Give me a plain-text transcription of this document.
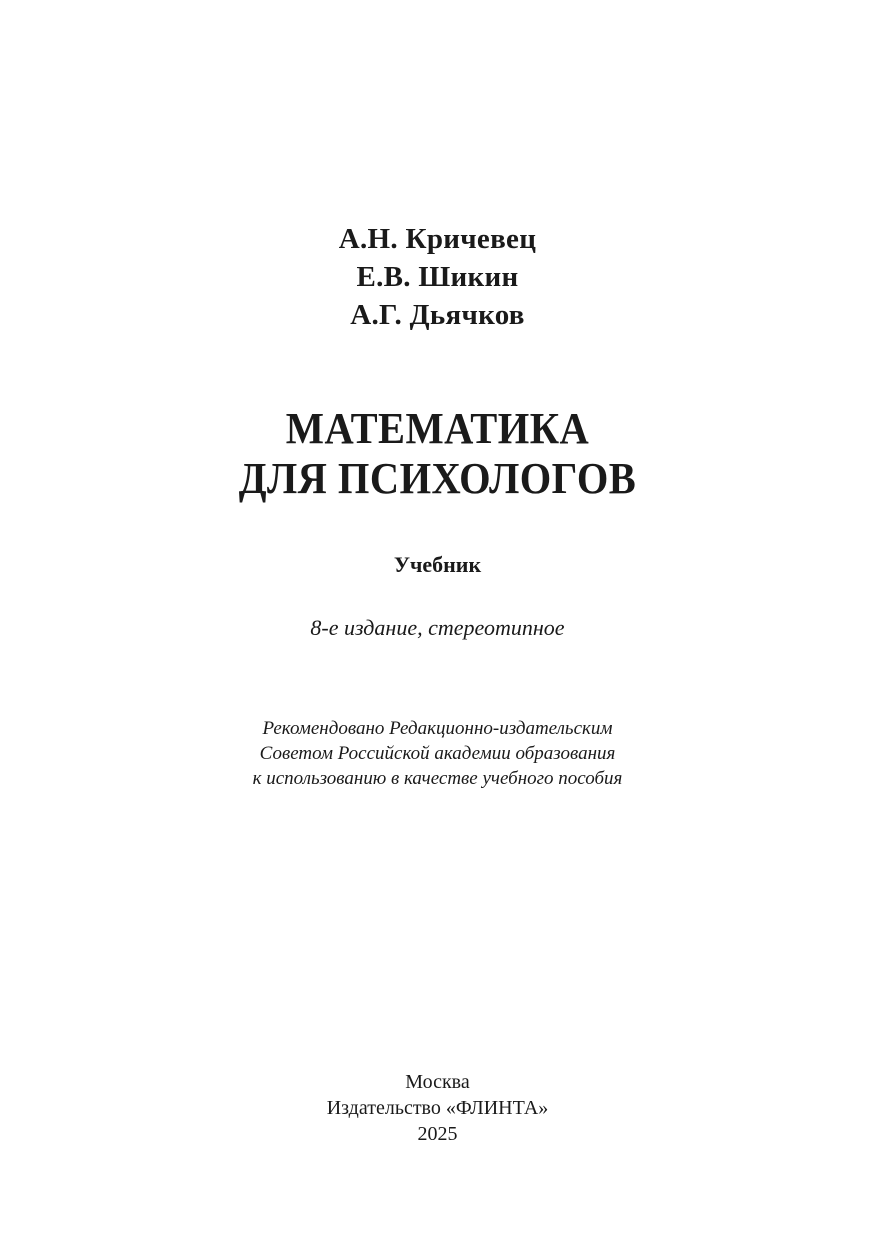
А.Н. Кричевец
Е.В. Шикин
А.Г. Дьячков
МАТЕМАТИКА
ДЛЯ ПСИХОЛОГОВ
Учебник
8-е издание, стереотипное
Рекомендовано Редакционно-издательским
Советом Российской академии образования
к использованию в качестве учебного пособия
Москва
Издательство «ФЛИНТА»
2025
